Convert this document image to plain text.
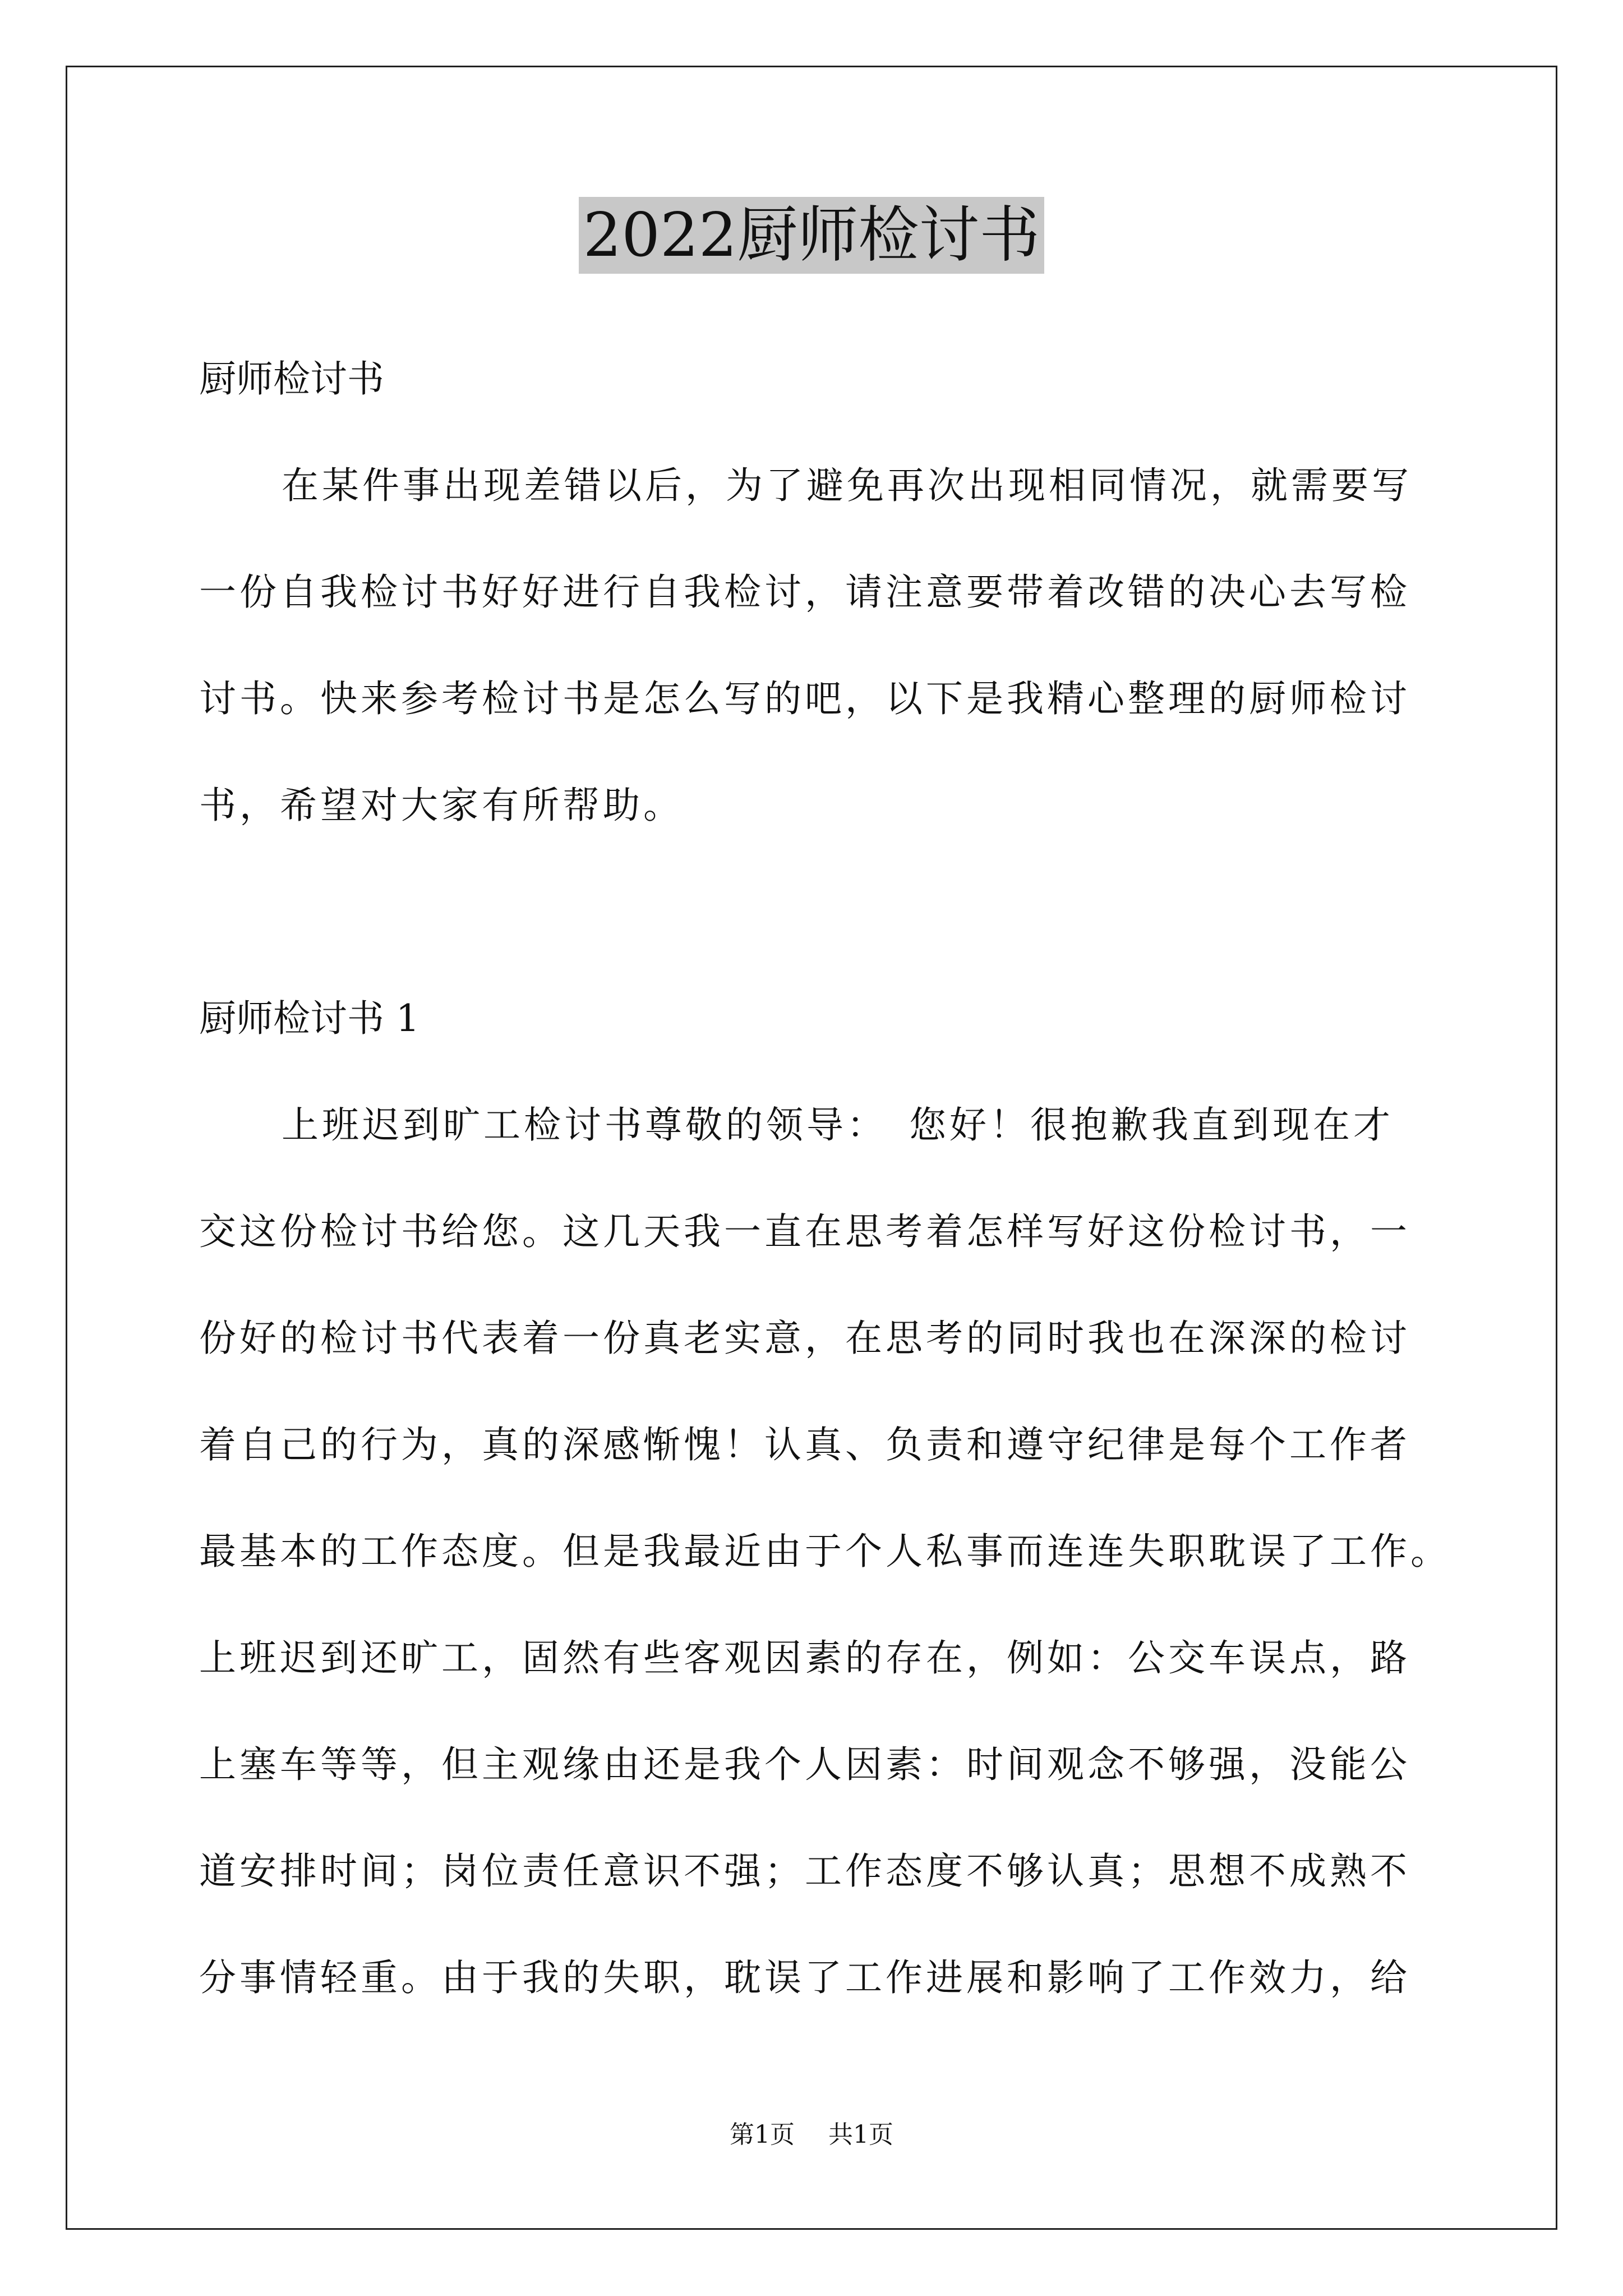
2022厨师检讨书

厨师检讨书

在某件事出现差错以后，为了避免再次出现相同情况，就需要写

一份自我检讨书好好进行自我检讨，请注意要带着改错的决心去写检

讨书。快来参考检讨书是怎么写的吧，以下是我精心整理的厨师检讨

书，希望对大家有所帮助。

厨师检讨书 1

上班迟到旷工检讨书尊敬的领导：　您好！很抱歉我直到现在才

交这份检讨书给您。这几天我一直在思考着怎样写好这份检讨书，一

份好的检讨书代表着一份真老实意，在思考的同时我也在深深的检讨

着自己的行为，真的深感惭愧！认真、负责和遵守纪律是每个工作者

最基本的工作态度。但是我最近由于个人私事而连连失职耽误了工作。

上班迟到还旷工，固然有些客观因素的存在，例如：公交车误点，路

上塞车等等，但主观缘由还是我个人因素：时间观念不够强，没能公

道安排时间；岗位责任意识不强；工作态度不够认真；思想不成熟不

分事情轻重。由于我的失职，耽误了工作进展和影响了工作效力，给

第1页 共1页
